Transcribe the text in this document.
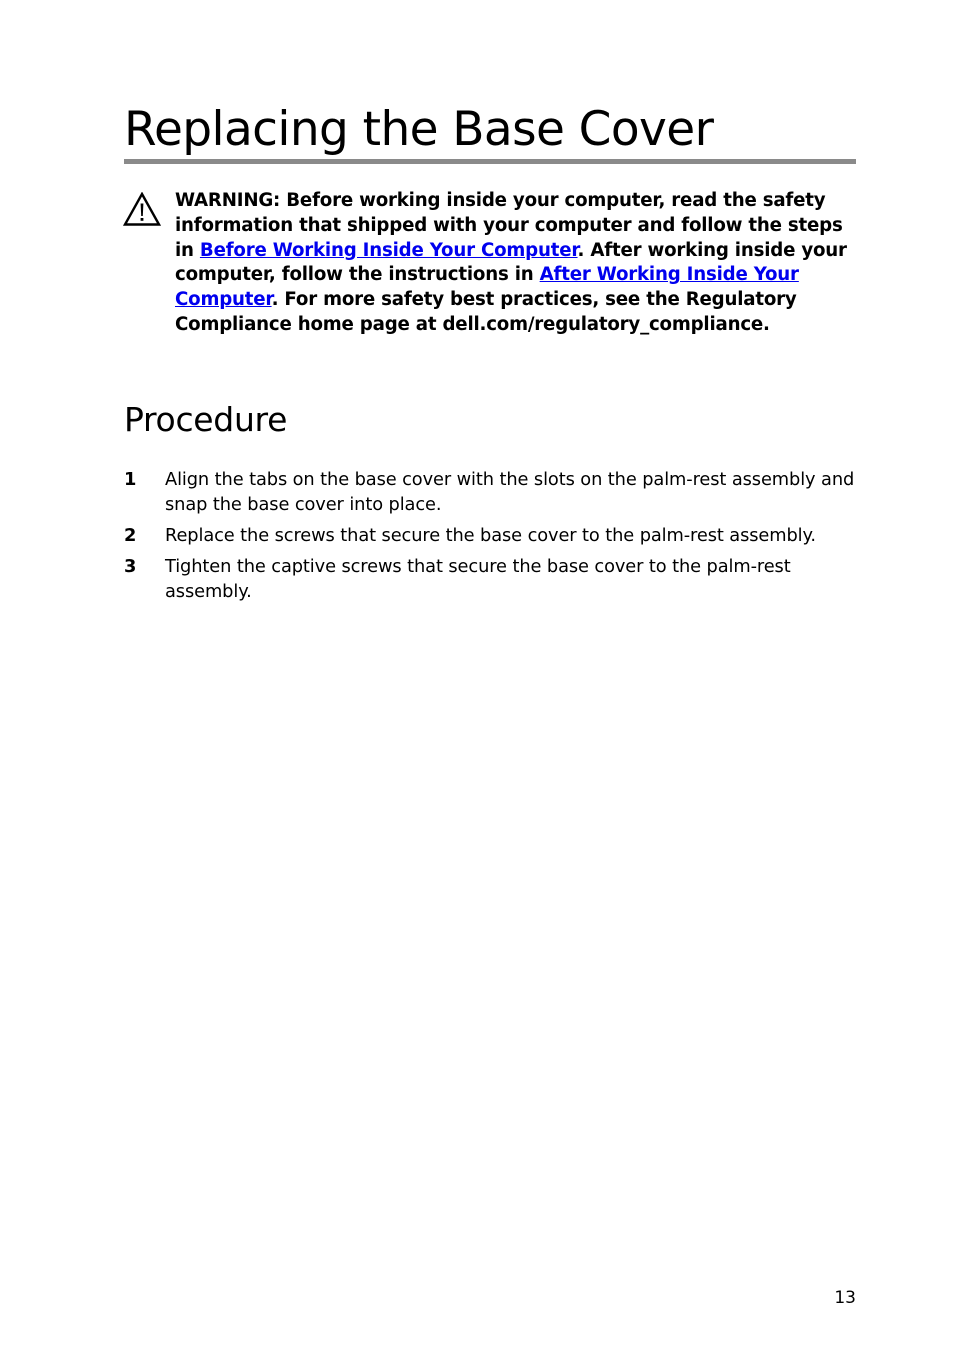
Replacing the Base Cover

WARNING: Before working inside your computer, read the safety information that shipped with your computer and follow the steps in Before Working Inside Your Computer. After working inside your computer, follow the instructions in After Working Inside Your Computer. For more safety best practices, see the Regulatory Compliance home page at dell.com/regulatory_compliance.

Procedure
1 Align the tabs on the base cover with the slots on the palm-rest assembly and snap the base cover into place.
2 Replace the screws that secure the base cover to the palm-rest assembly.
3 Tighten the captive screws that secure the base cover to the palm-rest assembly.
13
